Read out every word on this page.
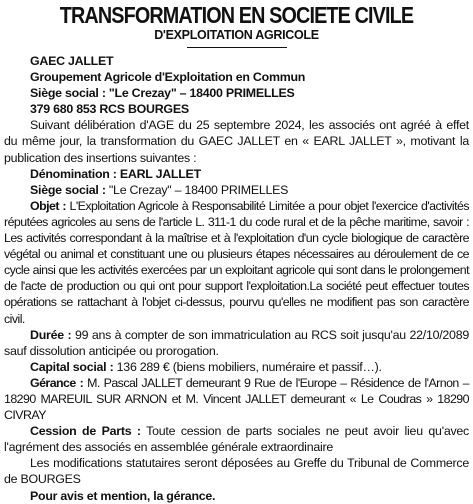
TRANSFORMATION EN SOCIETE CIVILE
D'EXPLOITATION AGRICOLE

GAEC JALLET

Groupement Agricole d'Exploitation en Commun

Siège social : "Le Crezay" – 18400 PRIMELLES

379 680 853 RCS BOURGES

Suivant délibération d'AGE du 25 septembre 2024, les associés ont agréé à effet du même jour, la transformation du GAEC JALLET en « EARL JALLET », motivant la publication des insertions suivantes :

Dénomination : EARL JALLET

Siège social : "Le Crezay" – 18400 PRIMELLES

Objet : L'Exploitation Agricole à Responsabilité Limitée a pour objet l'exercice d'activités réputées agricoles au sens de l'article L. 311-1 du code rural et de la pêche maritime, savoir : Les activités correspondant à la maîtrise et à l'exploitation d'un cycle biologique de caractère végétal ou animal et constituant une ou plusieurs étapes nécessaires au déroulement de ce cycle ainsi que les activités exercées par un exploitant agricole qui sont dans le prolongement de l'acte de production ou qui ont pour support l'exploitation.La société peut effectuer toutes opérations se rattachant à l'objet ci-dessus, pourvu qu'elles ne modifient pas son caractère civil.

Durée : 99 ans à compter de son immatriculation au RCS soit jusqu'au 22/10/2089 sauf dissolution anticipée ou prorogation.

Capital social : 136 289 € (biens mobiliers, numéraire et passif…).

Gérance : M. Pascal JALLET demeurant 9 Rue de l'Europe – Résidence de l'Arnon – 18290 MAREUIL SUR ARNON et M. Vincent JALLET demeurant « Le Coudras » 18290 CIVRAY

Cession de Parts : Toute cession de parts sociales ne peut avoir lieu qu'avec l'agrément des associés en assemblée générale extraordinaire

Les modifications statutaires seront déposées au Greffe du Tribunal de Commerce de BOURGES

Pour avis et mention, la gérance.
